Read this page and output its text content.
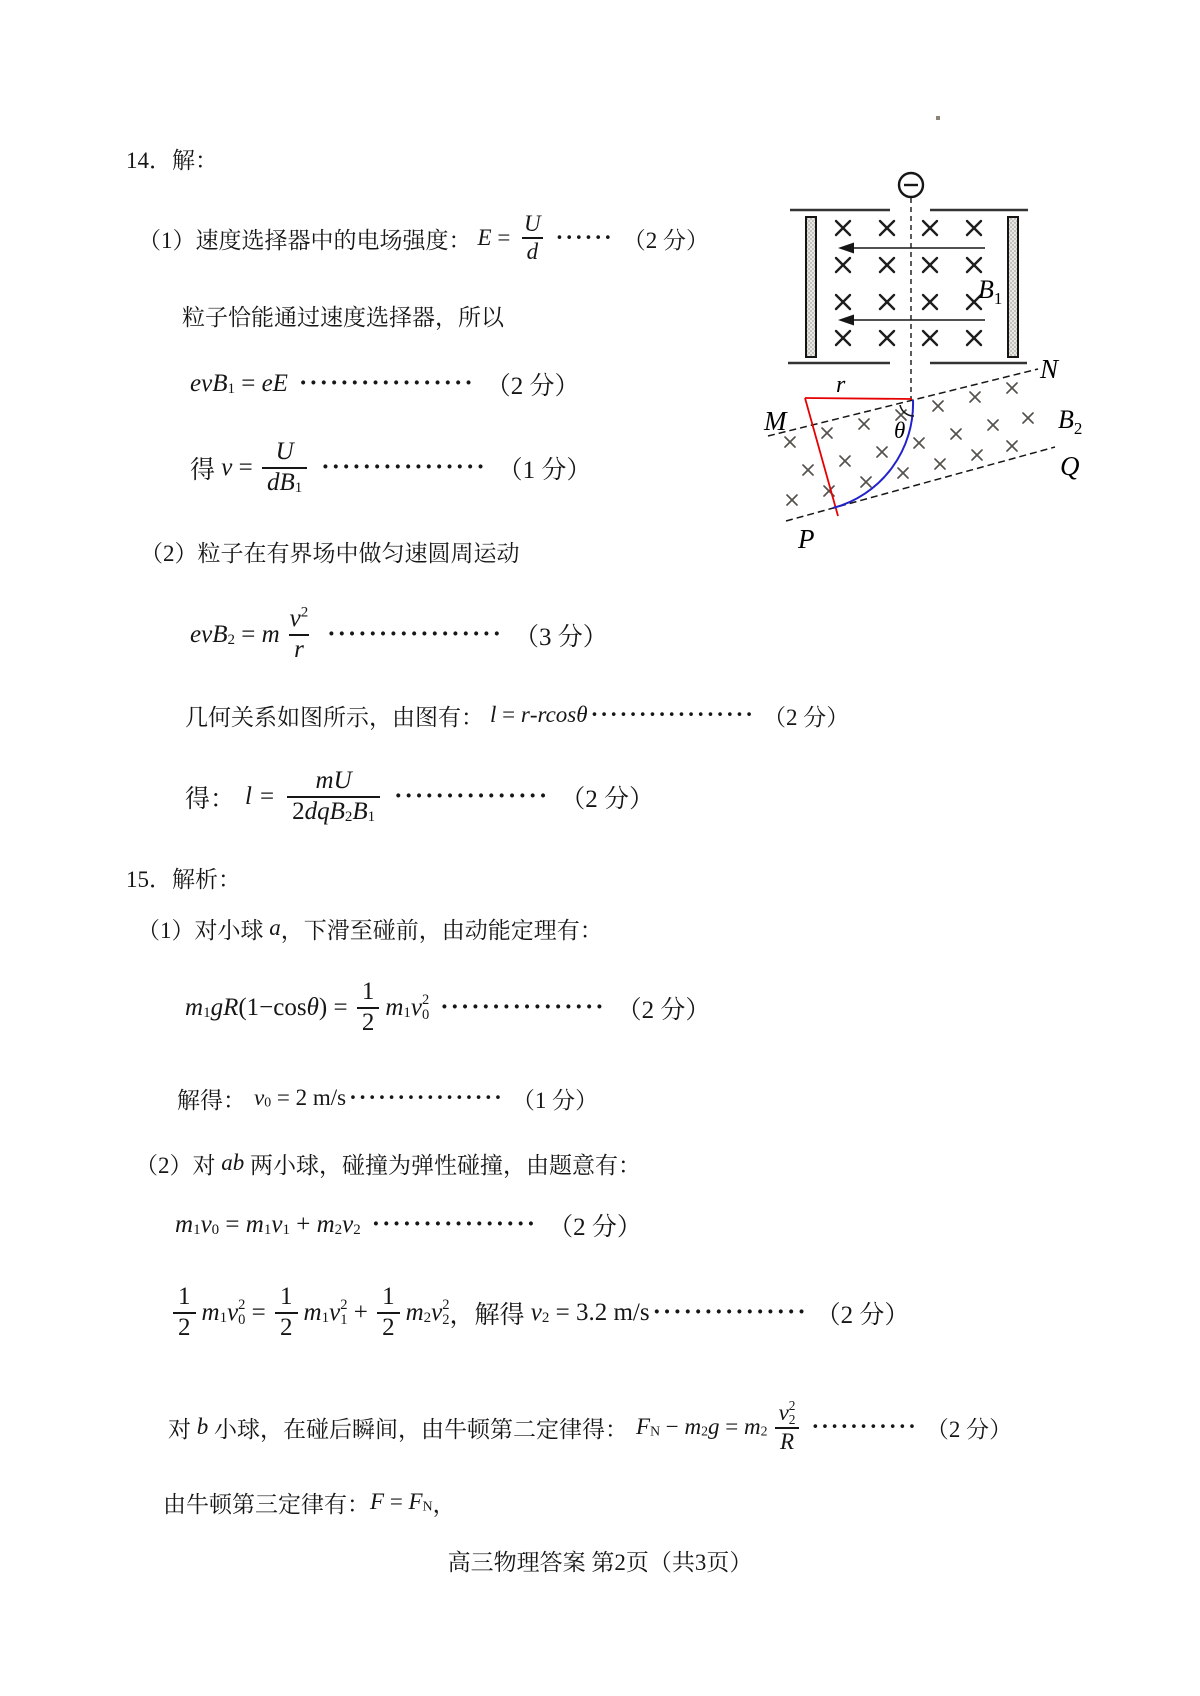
14．解：
（1）速度选择器中的电场强度： $E = \frac{U}{d}$ ······ （2 分）
粒子恰能通过速度选择器，所以
evB 1 = eE ················· （2 分）
得 $v = \frac{U}{dB 1}$ ················ （1 分）
（2）粒子在有界场中做匀速圆周运动
evB 2 = m $\frac{v 2}{r}$ ················· （3 分）
几何关系如图所示，由图有： l = r - rcosθ ················· （2 分）
得： $l = \frac{mU}{\text{2 dqB 2 B 1}}$ ··············· （2 分）
15．解析：
（1）对小球 a ，下滑至碰前，由动能定理有：
m 1 gR (1−cos θ ) = $\frac{1}{2}$ m 1 v 2
0 ················ （2 分）
解得： v 0 = 2 m/s ················ （1 分）
（2）对 ab 两小球，碰撞为弹性碰撞，由题意有：
m 1 v 0 = m 1 v 1 + m 2 v 2 ················ （2 分）
$\frac{1}{2}$ m 1 v 2
$0 = \frac{1}{2}$ m 1 v 2
$1 + \frac{1}{2}$ m 2 v 2
2 ，解得 v 2 = 3.2 m/s ··············· （2 分）
对 b 小球，在碰后瞬间，由牛顿第二定律得： F N − m 2 g = m 2 v 2
2
R ··········· （2 分）
由牛顿第三定律有： F = F N ，
高三物理答案 第2页（共3页）
$B_1$
N
M	$B_2$
Q
P
r
θ
